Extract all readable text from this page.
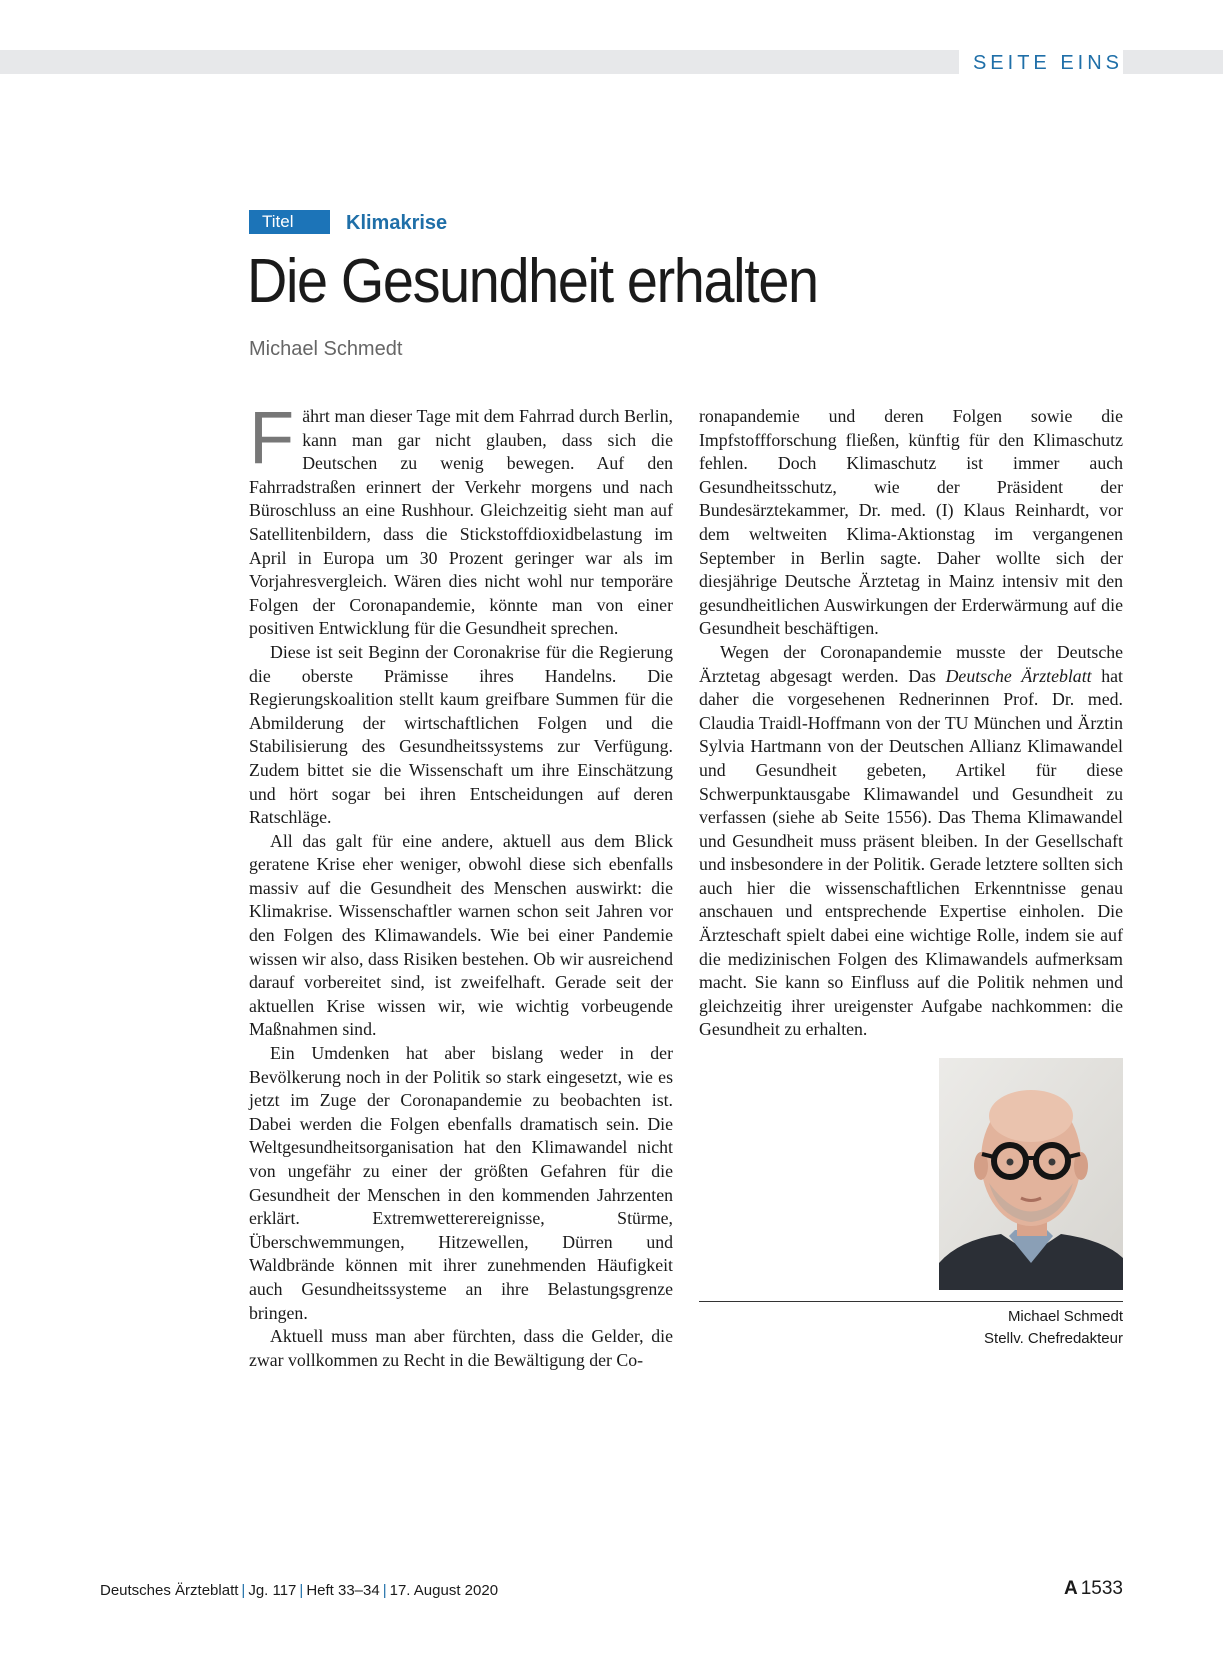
SEITE EINS
Titel	Klimakrise
Die Gesundheit erhalten
Michael Schmedt

Fährt man dieser Tage mit dem Fahrrad durch Berlin, kann man gar nicht glauben, dass sich die Deutschen zu wenig bewegen. Auf den Fahrradstraßen erinnert der Verkehr morgens und nach Büroschluss an eine Rushhour. Gleichzeitig sieht man auf Satellitenbildern, dass die Stickstoffdioxidbelastung im April in Europa um 30 Prozent geringer war als im Vorjahresvergleich. Wären dies nicht wohl nur temporäre Folgen der Coronapandemie, könnte man von einer positiven Entwicklung für die Gesundheit sprechen.

Diese ist seit Beginn der Coronakrise für die Regierung die oberste Prämisse ihres Handelns. Die Regierungskoalition stellt kaum greifbare Summen für die Abmilderung der wirtschaftlichen Folgen und die Stabilisierung des Gesundheitssystems zur Verfügung. Zudem bittet sie die Wissenschaft um ihre Einschätzung und hört sogar bei ihren Entscheidungen auf deren Ratschläge.

All das galt für eine andere, aktuell aus dem Blick geratene Krise eher weniger, obwohl diese sich ebenfalls massiv auf die Gesundheit des Menschen auswirkt: die Klimakrise. Wissenschaftler warnen schon seit Jahren vor den Folgen des Klimawandels. Wie bei einer Pandemie wissen wir also, dass Risiken bestehen. Ob wir ausreichend darauf vorbereitet sind, ist zweifelhaft. Gerade seit der aktuellen Krise wissen wir, wie wichtig vorbeugende Maßnahmen sind.

Ein Umdenken hat aber bislang weder in der Bevölkerung noch in der Politik so stark eingesetzt, wie es jetzt im Zuge der Coronapandemie zu beobachten ist. Dabei werden die Folgen ebenfalls dramatisch sein. Die Weltgesundheitsorganisation hat den Klimawandel nicht von ungefähr zu einer der größten Gefahren für die Gesundheit der Menschen in den kommenden Jahrzenten erklärt. Extremwetterereignisse, Stürme, Überschwemmungen, Hitzewellen, Dürren und Waldbrände können mit ihrer zunehmenden Häufigkeit auch Gesundheitssysteme an ihre Belastungsgrenze bringen.

Aktuell muss man aber fürchten, dass die Gelder, die zwar vollkommen zu Recht in die Bewältigung der Co-

ronapandemie und deren Folgen sowie die Impfstoffforschung fließen, künftig für den Klimaschutz fehlen. Doch Klimaschutz ist immer auch Gesundheitsschutz, wie der Präsident der Bundesärztekammer, Dr. med. (I) Klaus Reinhardt, vor dem weltweiten Klima-Aktionstag im vergangenen September in Berlin sagte. Daher wollte sich der diesjährige Deutsche Ärztetag in Mainz intensiv mit den gesundheitlichen Auswirkungen der Erderwärmung auf die Gesundheit beschäftigen.

Wegen der Coronapandemie musste der Deutsche Ärztetag abgesagt werden. Das Deutsche Ärzteblatt hat daher die vorgesehenen Rednerinnen Prof. Dr. med. Claudia Traidl-Hoffmann von der TU München und Ärztin Sylvia Hartmann von der Deutschen Allianz Klimawandel und Gesundheit gebeten, Artikel für diese Schwerpunktausgabe Klimawandel und Gesundheit zu verfassen (siehe ab Seite 1556). Das Thema Klimawandel und Gesundheit muss präsent bleiben. In der Gesellschaft und insbesondere in der Politik. Gerade letztere sollten sich auch hier die wissenschaftlichen Erkenntnisse genau anschauen und entsprechende Expertise einholen. Die Ärzteschaft spielt dabei eine wichtige Rolle, indem sie auf die medizinischen Folgen des Klimawandels aufmerksam macht. Sie kann so Einfluss auf die Politik nehmen und gleichzeitig ihrer ureigenster Aufgabe nachkommen: die Gesundheit zu erhalten.

Michael Schmedt
Stellv. Chefredakteur
Deutsches Ärzteblatt | Jg. 117 | Heft 33–34 | 17. August 2020	A 1533
